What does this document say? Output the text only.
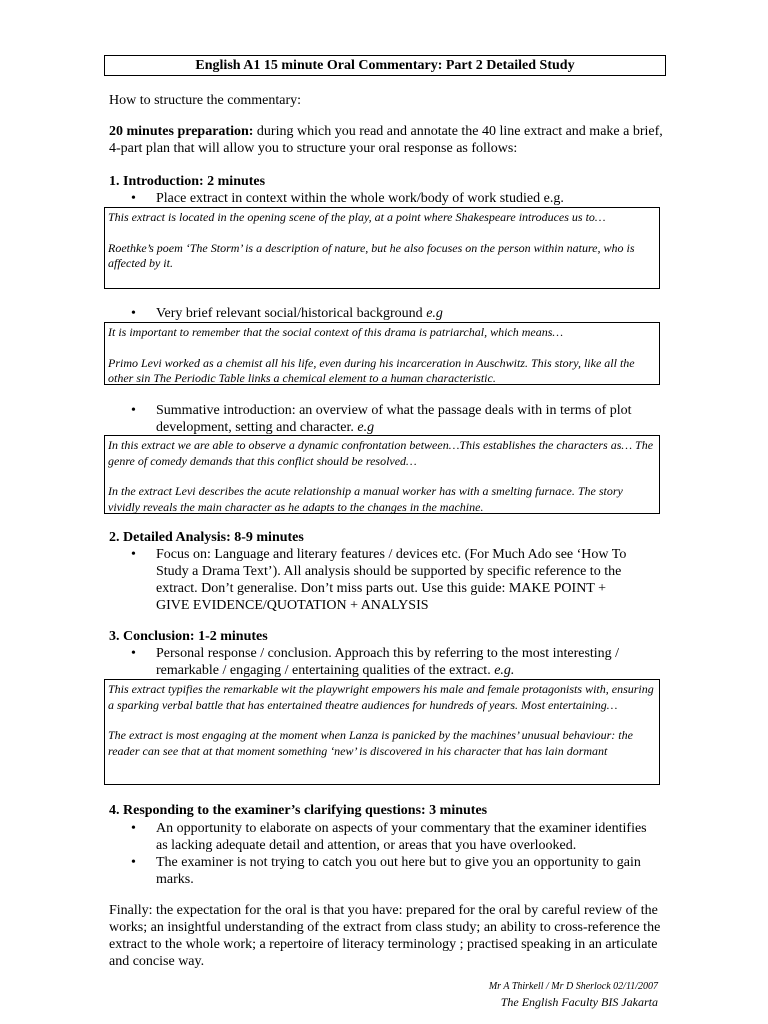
English A1 15 minute Oral Commentary: Part 2 Detailed Study
How to structure the commentary:
20 minutes preparation: during which you read and annotate the 40 line extract and make a brief, 4-part plan that will allow you to structure your oral response as follows:
1. Introduction: 2 minutes
• Place extract in context within the whole work/body of work studied e.g.

This extract is located in the opening scene of the play, at a point where Shakespeare introduces us to…

Roethke’s poem ‘The Storm’ is a description of nature, but he also focuses on the person within nature, who is affected by it.

• Very brief relevant social/historical background e.g

It is important to remember that the social context of this drama is patriarchal, which means…

Primo Levi worked as a chemist all his life, even during his incarceration in Auschwitz. This story, like all the other sin The Periodic Table links a chemical element to a human characteristic.

• Summative introduction: an overview of what the passage deals with in terms of plot development, setting and character. e.g

In this extract we are able to observe a dynamic confrontation between…This establishes the characters as… The genre of comedy demands that this conflict should be resolved…

In the extract Levi describes the acute relationship a manual worker has with a smelting furnace. The story vividly reveals the main character as he adapts to the changes in the machine.

2. Detailed Analysis: 8-9 minutes
• Focus on: Language and literary features / devices etc. (For Much Ado see ‘How To Study a Drama Text’). All analysis should be supported by specific reference to the extract. Don’t generalise. Don’t miss parts out. Use this guide: MAKE POINT + GIVE EVIDENCE/QUOTATION + ANALYSIS
3. Conclusion: 1-2 minutes
• Personal response / conclusion. Approach this by referring to the most interesting / remarkable / engaging / entertaining qualities of the extract. e.g.

This extract typifies the remarkable wit the playwright empowers his male and female protagonists with, ensuring a sparking verbal battle that has entertained theatre audiences for hundreds of years. Most entertaining…

The extract is most engaging at the moment when Lanza is panicked by the machines’ unusual behaviour: the reader can see that at that moment something ‘new’ is discovered in his character that has lain dormant

4. Responding to the examiner’s clarifying questions: 3 minutes
• An opportunity to elaborate on aspects of your commentary that the examiner identifies as lacking adequate detail and attention, or areas that you have overlooked.
• The examiner is not trying to catch you out here but to give you an opportunity to gain marks.
Finally: the expectation for the oral is that you have: prepared for the oral by careful review of the works; an insightful understanding of the extract from class study; an ability to cross-reference the extract to the whole work; a repertoire of literacy terminology ; practised speaking in an articulate and concise way.
Mr A Thirkell / Mr D Sherlock 02/11/2007
The English Faculty BIS Jakarta
